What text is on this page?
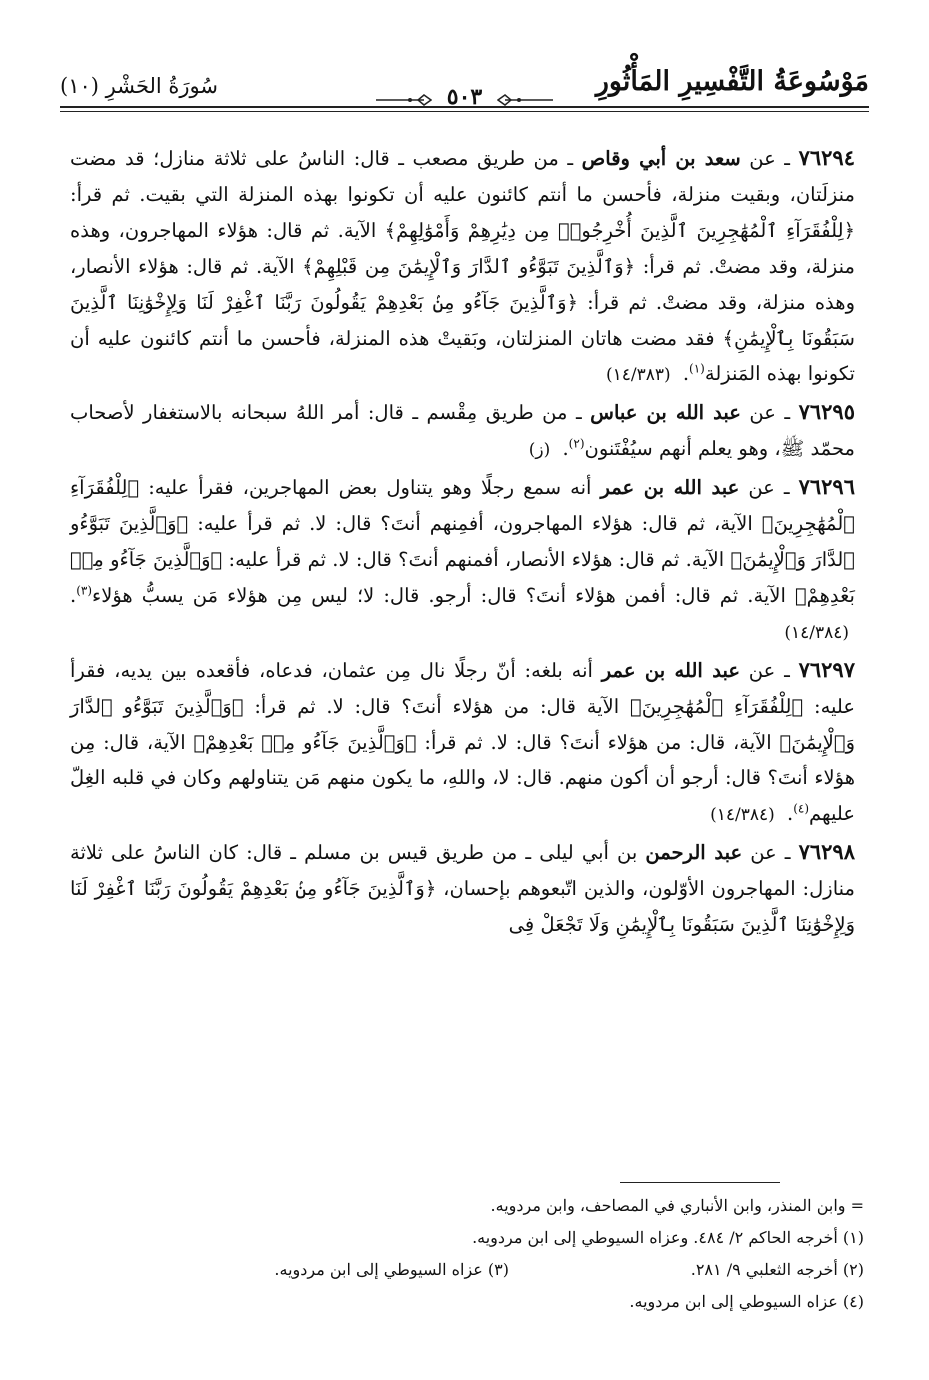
مَوْسُوعَةُ التَّفْسِيرِ المَأْثُورِ
سُورَةُ الحَشْرِ (١٠)	٥٠٣

٧٦٢٩٤ ـ عن سعد بن أبي وقاص ـ من طريق مصعب ـ قال: الناسُ على ثلاثة منازل؛ قد مضت منزلَتان، وبقيت منزلة، فأحسن ما أنتم كائنون عليه أن تكونوا بهذه المنزلة التي بقيت. ثم قرأ: ﴿لِلْفُقَرَآءِ ٱلْمُهَٰجِرِينَ ٱلَّذِينَ أُخْرِجُوا۟ مِن دِيَٰرِهِمْ وَأَمْوَٰلِهِمْ﴾ الآية. ثم قال: هؤلاء المهاجرون، وهذه منزلة، وقد مضتْ. ثم قرأ: ﴿وَٱلَّذِينَ تَبَوَّءُو ٱلدَّارَ وَٱلْإِيمَٰنَ مِن قَبْلِهِمْ﴾ الآية. ثم قال: هؤلاء الأنصار، وهذه منزلة، وقد مضتْ. ثم قرأ: ﴿وَٱلَّذِينَ جَآءُو مِنۢ بَعْدِهِمْ يَقُولُونَ رَبَّنَا ٱغْفِرْ لَنَا وَلِإِخْوَٰنِنَا ٱلَّذِينَ سَبَقُونَا بِٱلْإِيمَٰنِ﴾ فقد مضت هاتان المنزلتان، وبَقيتْ هذه المنزلة، فأحسن ما أنتم كائنون عليه أن تكونوا بهذه المَنزلة$^{(١)}$. (١٤/٣٨٣)

٧٦٢٩٥ ـ عن عبد الله بن عباس ـ من طريق مِقْسم ـ قال: أمر اللهُ سبحانه بالاستغفار لأصحاب محمّد ﷺ، وهو يعلم أنهم سيُفْتَنون$^{(٢)}$. (ز)

٧٦٢٩٦ ـ عن عبد الله بن عمر أنه سمع رجلًا وهو يتناول بعض المهاجرين، فقرأ عليه: ﴿لِلْفُقَرَآءِ ٱلْمُهَٰجِرِينَ﴾ الآية، ثم قال: هؤلاء المهاجرون، أفمِنهم أنتَ؟ قال: لا. ثم قرأ عليه: ﴿وَٱلَّذِينَ تَبَوَّءُو ٱلدَّارَ وَٱلْإِيمَٰنَ﴾ الآية. ثم قال: هؤلاء الأنصار، أفمنهم أنتَ؟ قال: لا. ثم قرأ عليه: ﴿وَٱلَّذِينَ جَآءُو مِنۢ بَعْدِهِمْ﴾ الآية. ثم قال: أفمن هؤلاء أنتَ؟ قال: أرجو. قال: لا؛ ليس مِن هؤلاء مَن يسبُّ هؤلاء$^{(٣)}$. (١٤/٣٨٤)

٧٦٢٩٧ ـ عن عبد الله بن عمر أنه بلغه: أنّ رجلًا نال مِن عثمان، فدعاه، فأقعده بين يديه، فقرأ عليه: ﴿لِلْفُقَرَآءِ ٱلْمُهَٰجِرِينَ﴾ الآية قال: من هؤلاء أنتَ؟ قال: لا. ثم قرأ: ﴿وَٱلَّذِينَ تَبَوَّءُو ٱلدَّارَ وَٱلْإِيمَٰنَ﴾ الآية، قال: من هؤلاء أنتَ؟ قال: لا. ثم قرأ: ﴿وَٱلَّذِينَ جَآءُو مِنۢ بَعْدِهِمْ﴾ الآية، قال: مِن هؤلاء أنتَ؟ قال: أرجو أن أكون منهم. قال: لا، واللهِ، ما يكون منهم مَن يتناولهم وكان في قلبه الغِلّ عليهم$^{(٤)}$. (١٤/٣٨٤)

٧٦٢٩٨ ـ عن عبد الرحمن بن أبي ليلى ـ من طريق قيس بن مسلم ـ قال: كان الناسُ على ثلاثة منازل: المهاجرون الأوّلون، والذين اتّبعوهم بإحسان، ﴿وَٱلَّذِينَ جَآءُو مِنۢ بَعْدِهِمْ يَقُولُونَ رَبَّنَا ٱغْفِرْ لَنَا وَلِإِخْوَٰنِنَا ٱلَّذِينَ سَبَقُونَا بِٱلْإِيمَٰنِ وَلَا تَجْعَلْ فِى

= وابن المنذر، وابن الأنباري في المصاحف، وابن مردويه.

(١) أخرجه الحاكم ٢/ ٤٨٤. وعزاه السيوطي إلى ابن مردويه.

(٢) أخرجه الثعلبي ٩/ ٢٨١.

(٣) عزاه السيوطي إلى ابن مردويه.

(٤) عزاه السيوطي إلى ابن مردويه.
